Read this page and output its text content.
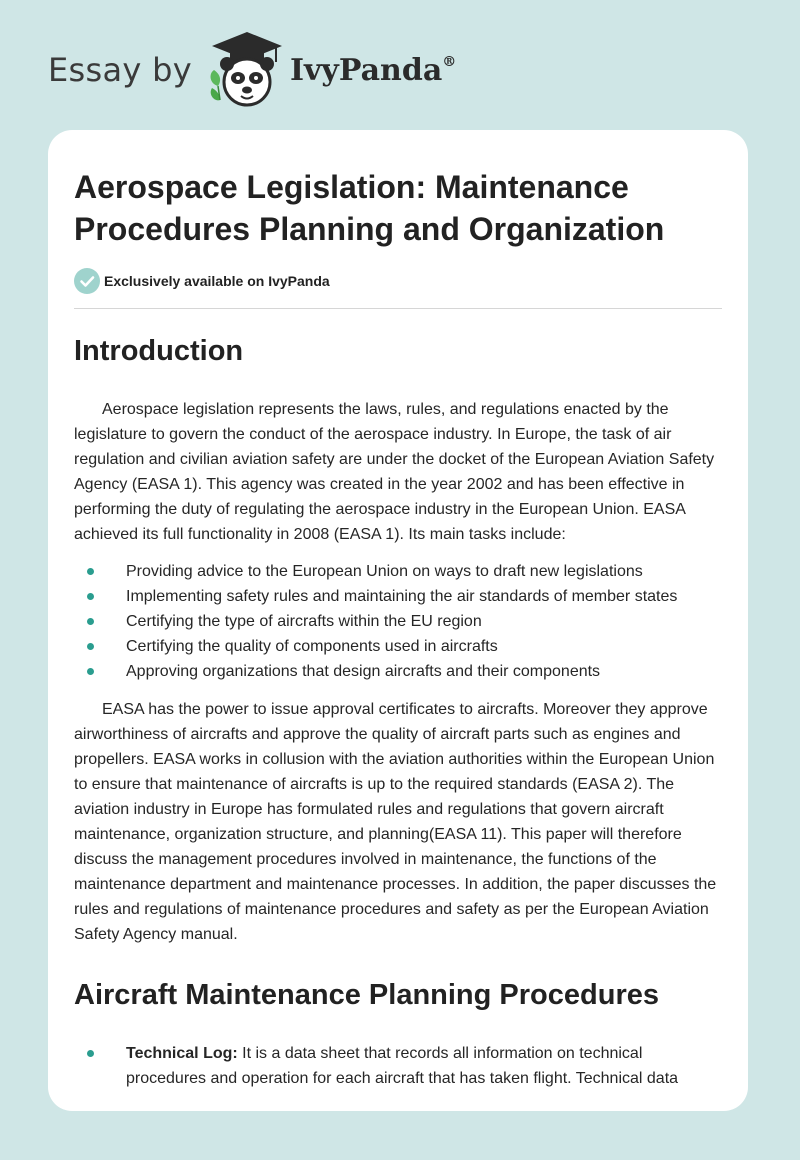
Essay by	IvyPanda®
Aerospace Legislation: Maintenance Procedures Planning and Organization
Exclusively available on IvyPanda
Introduction

Aerospace legislation represents the laws, rules, and regulations enacted by the legislature to govern the conduct of the aerospace industry. In Europe, the task of air regulation and civilian aviation safety are under the docket of the European Aviation Safety Agency (EASA 1). This agency was created in the year 2002 and has been effective in performing the duty of regulating the aerospace industry in the European Union. EASA achieved its full functionality in 2008 (EASA 1). Its main tasks include:

Providing advice to the European Union on ways to draft new legislations
Implementing safety rules and maintaining the air standards of member states
Certifying the type of aircrafts within the EU region
Certifying the quality of components used in aircrafts
Approving organizations that design aircrafts and their components

EASA has the power to issue approval certificates to aircrafts. Moreover they approve airworthiness of aircrafts and approve the quality of aircraft parts such as engines and propellers. EASA works in collusion with the aviation authorities within the European Union to ensure that maintenance of aircrafts is up to the required standards (EASA 2). The aviation industry in Europe has formulated rules and regulations that govern aircraft maintenance, organization structure, and planning(EASA 11). This paper will therefore discuss the management procedures involved in maintenance, the functions of the maintenance department and maintenance processes. In addition, the paper discusses the rules and regulations of maintenance procedures and safety as per the European Aviation Safety Agency manual.

Aircraft Maintenance Planning Procedures
Technical Log: It is a data sheet that records all information on technical procedures and operation for each aircraft that has taken flight. Technical data
